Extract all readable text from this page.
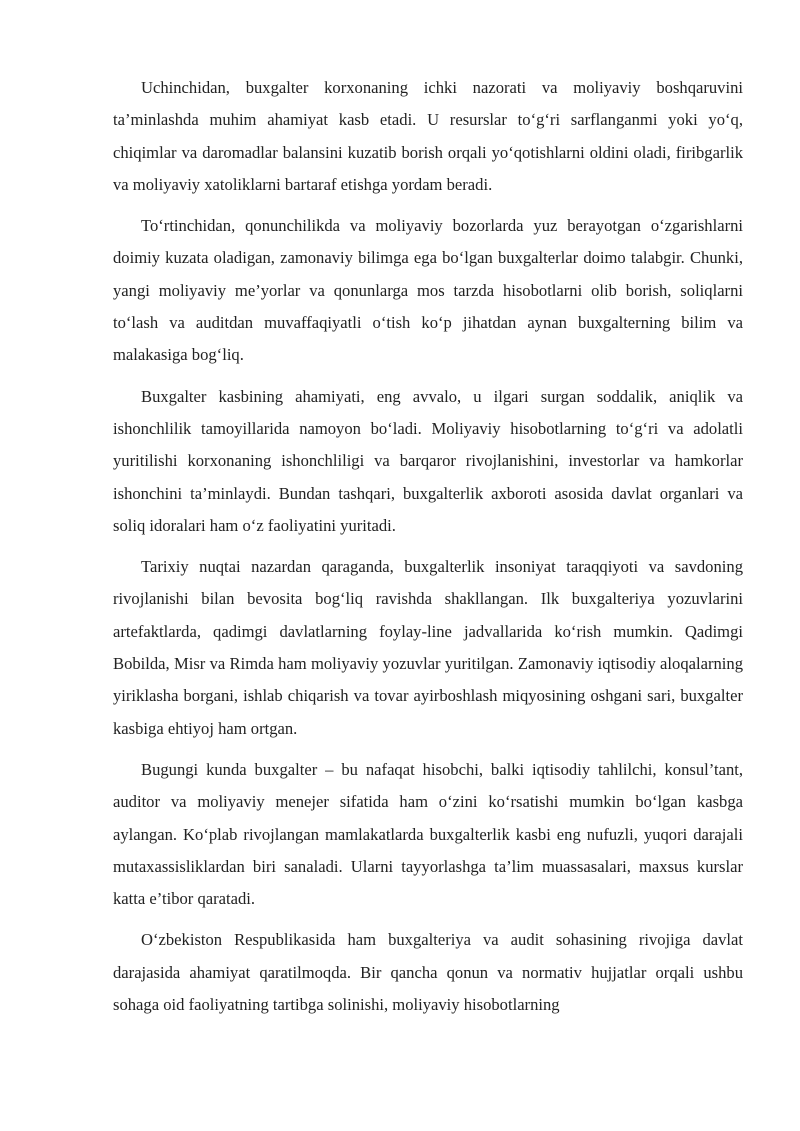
Uchinchidan, buxgalter korxonaning ichki nazorati va moliyaviy boshqaruvini ta’minlashda muhim ahamiyat kasb etadi. U resurslar to‘g‘ri sarflanganmi yoki yo‘q, chiqimlar va daromadlar balansini kuzatib borish orqali yo‘qotishlarni oldini oladi, firibgarlik va moliyaviy xatoliklarni bartaraf etishga yordam beradi.

To‘rtinchidan, qonunchilikda va moliyaviy bozorlarda yuz berayotgan o‘zgarishlarni doimiy kuzata oladigan, zamonaviy bilimga ega bo‘lgan buxgalterlar doimo talabgir. Chunki, yangi moliyaviy me’yorlar va qonunlarga mos tarzda hisobotlarni olib borish, soliqlarni to‘lash va auditdan muvaffaqiyatli o‘tish ko‘p jihatdan aynan buxgalterning bilim va malakasiga bog‘liq.

Buxgalter kasbining ahamiyati, eng avvalo, u ilgari surgan soddalik, aniqlik va ishonchlilik tamoyillarida namoyon bo‘ladi. Moliyaviy hisobotlarning to‘g‘ri va adolatli yuritilishi korxonaning ishonchliligi va barqaror rivojlanishini, investorlar va hamkorlar ishonchini ta’minlaydi. Bundan tashqari, buxgalterlik axboroti asosida davlat organlari va soliq idoralari ham o‘z faoliyatini yuritadi.

Tarixiy nuqtai nazardan qaraganda, buxgalterlik insoniyat taraqqiyoti va savdoning rivojlanishi bilan bevosita bog‘liq ravishda shakllangan. Ilk buxgalteriya yozuvlarini artefaktlarda, qadimgi davlatlarning foylay-line jadvallarida ko‘rish mumkin. Qadimgi Bobilda, Misr va Rimda ham moliyaviy yozuvlar yuritilgan. Zamonaviy iqtisodiy aloqalarning yiriklasha borgani, ishlab chiqarish va tovar ayirboshlash miqyosining oshgani sari, buxgalter kasbiga ehtiyoj ham ortgan.

Bugungi kunda buxgalter – bu nafaqat hisobchi, balki iqtisodiy tahlilchi, konsul’tant, auditor va moliyaviy menejer sifatida ham o‘zini ko‘rsatishi mumkin bo‘lgan kasbga aylangan. Ko‘plab rivojlangan mamlakatlarda buxgalterlik kasbi eng nufuzli, yuqori darajali mutaxassisliklardan biri sanaladi. Ularni tayyorlashga ta’lim muassasalari, maxsus kurslar katta e’tibor qaratadi.

O‘zbekiston Respublikasida ham buxgalteriya va audit sohasining rivojiga davlat darajasida ahamiyat qaratilmoqda. Bir qancha qonun va normativ hujjatlar orqali ushbu sohaga oid faoliyatning tartibga solinishi, moliyaviy hisobotlarning
